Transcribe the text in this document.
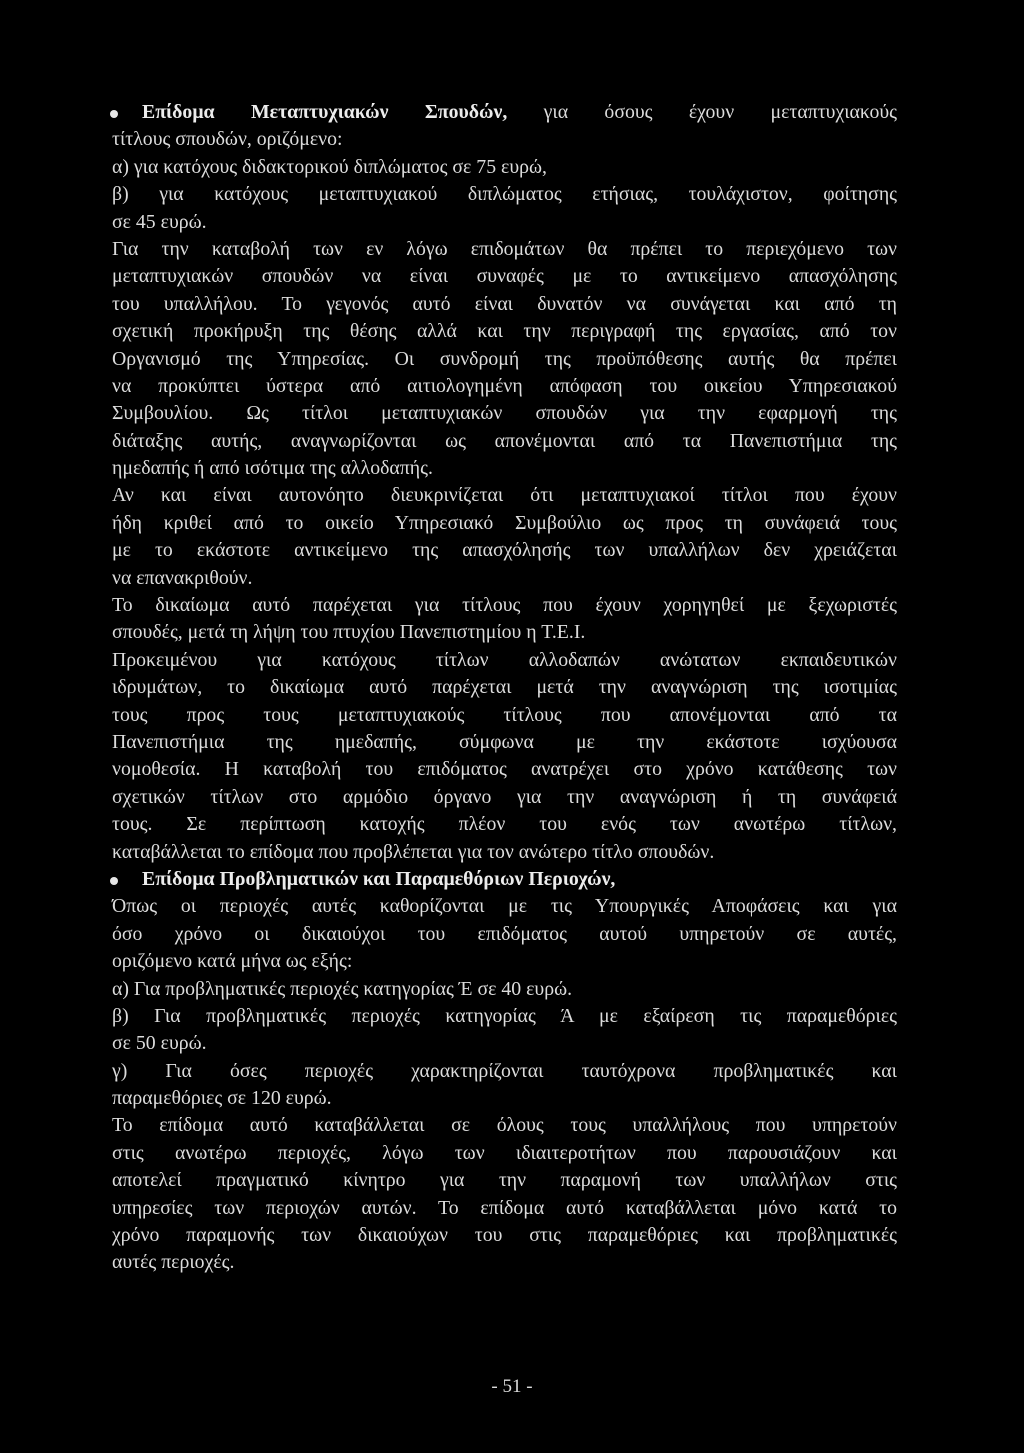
Επίδομα Μεταπτυχιακών Σπουδών, για όσους έχουν μεταπτυχιακούς
τίτλους σπουδών, οριζόμενο:
α) για κατόχους διδακτορικού διπλώματος σε 75 ευρώ,
β) για κατόχους μεταπτυχιακού διπλώματος ετήσιας, τουλάχιστον, φοίτησης
σε 45 ευρώ.
Για την καταβολή των εν λόγω επιδομάτων θα πρέπει το περιεχόμενο των
μεταπτυχιακών σπουδών να είναι συναφές με το αντικείμενο απασχόλησης
του υπαλλήλου. Το γεγονός αυτό είναι δυνατόν να συνάγεται και από τη
σχετική προκήρυξη της θέσης αλλά και την περιγραφή της εργασίας, από τον
Οργανισμό της Υπηρεσίας. Οι συνδρομή της προϋπόθεσης αυτής θα πρέπει
να προκύπτει ύστερα από αιτιολογημένη απόφαση του οικείου Υπηρεσιακού
Συμβουλίου. Ως τίτλοι μεταπτυχιακών σπουδών για την εφαρμογή της
διάταξης αυτής, αναγνωρίζονται ως απονέμονται από τα Πανεπιστήμια της
ημεδαπής ή από ισότιμα της αλλοδαπής.
Αν και είναι αυτονόητο διευκρινίζεται ότι μεταπτυχιακοί τίτλοι που έχουν
ήδη κριθεί από το οικείο Υπηρεσιακό Συμβούλιο ως προς τη συνάφειά τους
με το εκάστοτε αντικείμενο της απασχόλησής των υπαλλήλων δεν χρειάζεται
να επανακριθούν.
Το δικαίωμα αυτό παρέχεται για τίτλους που έχουν χορηγηθεί με ξεχωριστές
σπουδές, μετά τη λήψη του πτυχίου Πανεπιστημίου η Τ.Ε.Ι.
Προκειμένου για κατόχους τίτλων αλλοδαπών ανώτατων εκπαιδευτικών
ιδρυμάτων, το δικαίωμα αυτό παρέχεται μετά την αναγνώριση της ισοτιμίας
τους προς τους μεταπτυχιακούς τίτλους που απονέμονται από τα
Πανεπιστήμια της ημεδαπής, σύμφωνα με την εκάστοτε ισχύουσα
νομοθεσία. Η καταβολή του επιδόματος ανατρέχει στο χρόνο κατάθεσης των
σχετικών τίτλων στο αρμόδιο όργανο για την αναγνώριση ή τη συνάφειά
τους. Σε περίπτωση κατοχής πλέον του ενός των ανωτέρω τίτλων,
καταβάλλεται το επίδομα που προβλέπεται για τον ανώτερο τίτλο σπουδών.
Επίδομα Προβληματικών και Παραμεθόριων Περιοχών,
Όπως οι περιοχές αυτές καθορίζονται με τις Υπουργικές Αποφάσεις και για
όσο χρόνο οι δικαιούχοι του επιδόματος αυτού υπηρετούν σε αυτές,
οριζόμενο κατά μήνα ως εξής:
α) Για προβληματικές περιοχές κατηγορίας Έ σε 40 ευρώ.
β) Για προβληματικές περιοχές κατηγορίας Ά με εξαίρεση τις παραμεθόριες
σε 50 ευρώ.
γ) Για όσες περιοχές χαρακτηρίζονται ταυτόχρονα προβληματικές και
παραμεθόριες σε 120 ευρώ.
Το επίδομα αυτό καταβάλλεται σε όλους τους υπαλλήλους που υπηρετούν
στις ανωτέρω περιοχές, λόγω των ιδιαιτεροτήτων που παρουσιάζουν και
αποτελεί πραγματικό κίνητρο για την παραμονή των υπαλλήλων στις
υπηρεσίες των περιοχών αυτών. Το επίδομα αυτό καταβάλλεται μόνο κατά το
χρόνο παραμονής των δικαιούχων του στις παραμεθόριες και προβληματικές
αυτές περιοχές.
- 51 -
